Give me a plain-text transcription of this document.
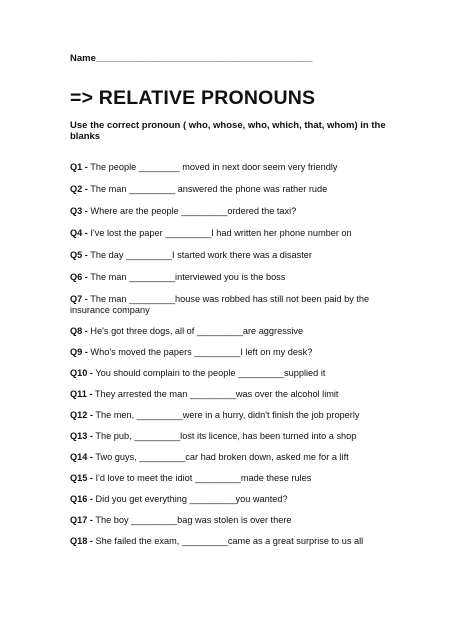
Name_________________________________________
=> RELATIVE PRONOUNS
Use the correct pronoun ( who, whose, who, which, that, whom) in the blanks
Q1 - The people ________ moved in next door seem very friendly
Q2 - The man _________ answered the phone was rather rude
Q3 - Where are the people _________ordered the taxi?
Q4 - I've lost the paper _________I had written her phone number on
Q5 - The day _________I started work there was a disaster
Q6 - The man _________interviewed you is the boss
Q7 - The man _________house was robbed has still not been paid by the insurance company
Q8 - He's got three dogs, all of _________are aggressive
Q9 - Who's moved the papers _________I left on my desk?
Q10 - You should complain to the people _________supplied it
Q11 - They arrested the man _________was over the alcohol limit
Q12 - The men, _________were in a hurry, didn't finish the job properly
Q13 - The pub, _________lost its licence, has been turned into a shop
Q14 - Two guys, _________car had broken down, asked me for a lift
Q15 - I'd love to meet the idiot _________made these rules
Q16 - Did you get everything _________you wanted?
Q17 - The boy _________bag was stolen is over there
Q18 - She failed the exam, _________came as a great surprise to us all
